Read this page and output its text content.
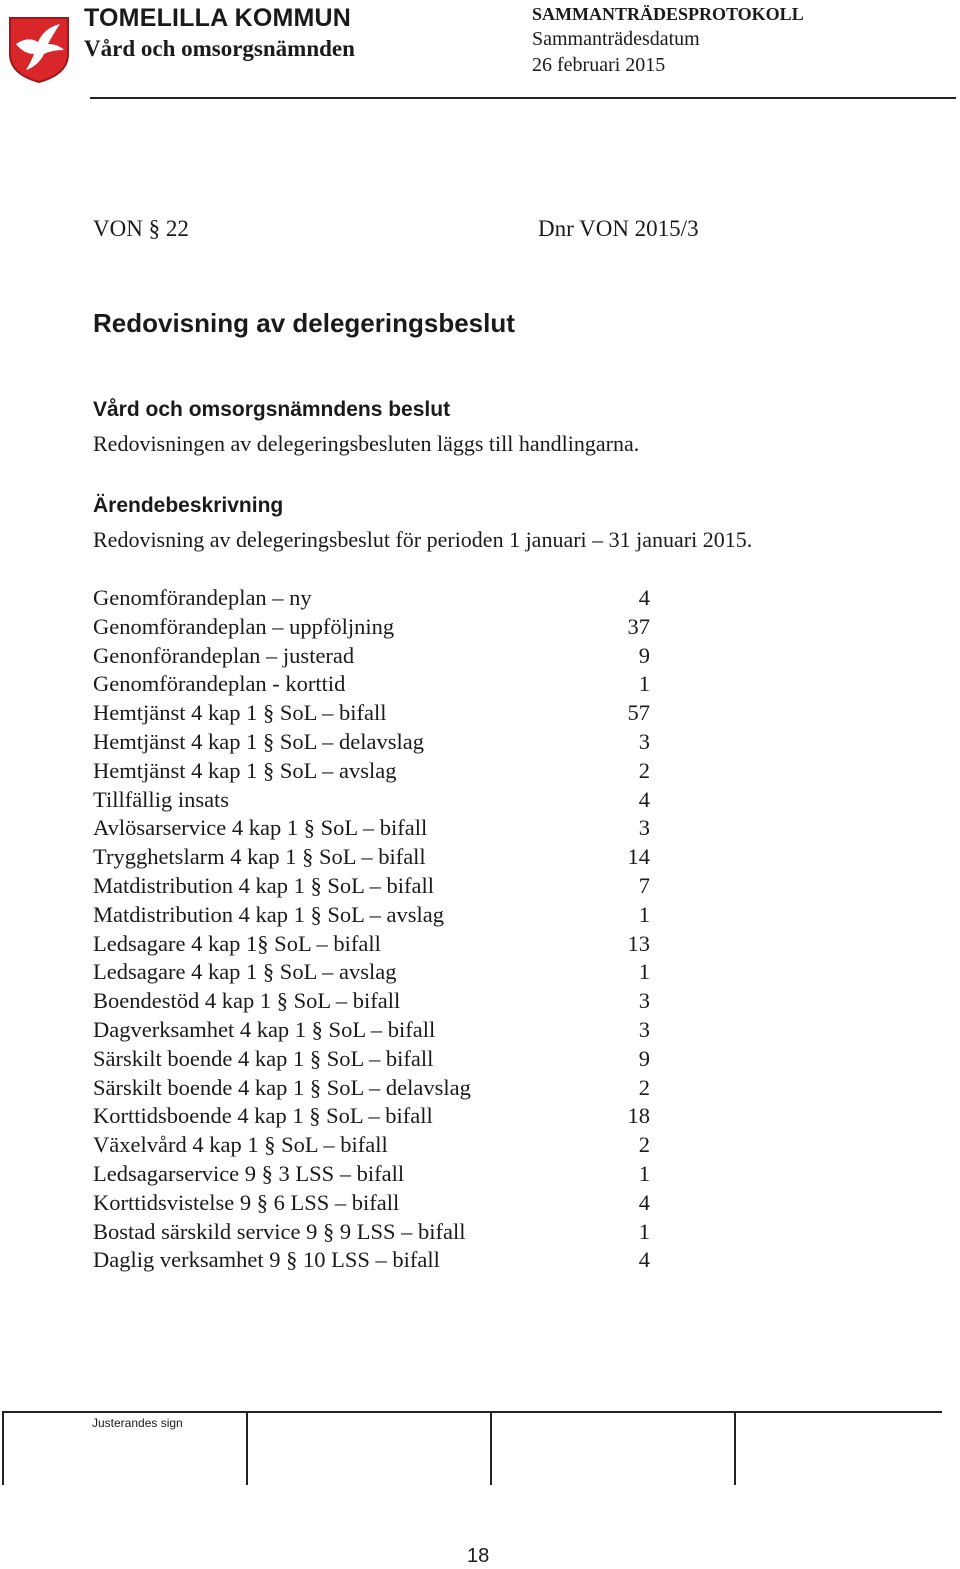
TOMELILLA KOMMUN
Vård och omsorgsnämnden
SAMMANTRÄDESPROTOKOLL
Sammanträdesdatum
26 februari 2015
VON § 22	Dnr VON 2015/3
Redovisning av delegeringsbeslut
Vård och omsorgsnämndens beslut
Redovisningen av delegeringsbesluten läggs till handlingarna.
Ärendebeskrivning
Redovisning av delegeringsbeslut för perioden 1 januari – 31 januari 2015.
Genomförandeplan – ny	4
Genomförandeplan – uppföljning	37
Genonförandeplan – justerad	9
Genomförandeplan - korttid	1
Hemtjänst 4 kap 1 § SoL – bifall	57
Hemtjänst 4 kap 1 § SoL – delavslag	3
Hemtjänst 4 kap 1 § SoL – avslag	2
Tillfällig insats	4
Avlösarservice 4 kap 1 § SoL – bifall	3
Trygghetslarm 4 kap 1 § SoL – bifall	14
Matdistribution 4 kap 1 § SoL – bifall	7
Matdistribution 4 kap 1 § SoL – avslag	1
Ledsagare 4 kap 1§ SoL – bifall	13
Ledsagare 4 kap 1 § SoL – avslag	1
Boendestöd 4 kap 1 § SoL – bifall	3
Dagverksamhet 4 kap 1 § SoL – bifall	3
Särskilt boende 4 kap 1 § SoL – bifall	9
Särskilt boende 4 kap 1 § SoL – delavslag	2
Korttidsboende 4 kap 1 § SoL – bifall	18
Växelvård 4 kap 1 § SoL – bifall	2
Ledsagarservice 9 § 3 LSS – bifall	1
Korttidsvistelse 9 § 6 LSS – bifall	4
Bostad särskild service 9 § 9 LSS – bifall	1
Daglig verksamhet 9 § 10 LSS – bifall	4
Justerandes sign
18
